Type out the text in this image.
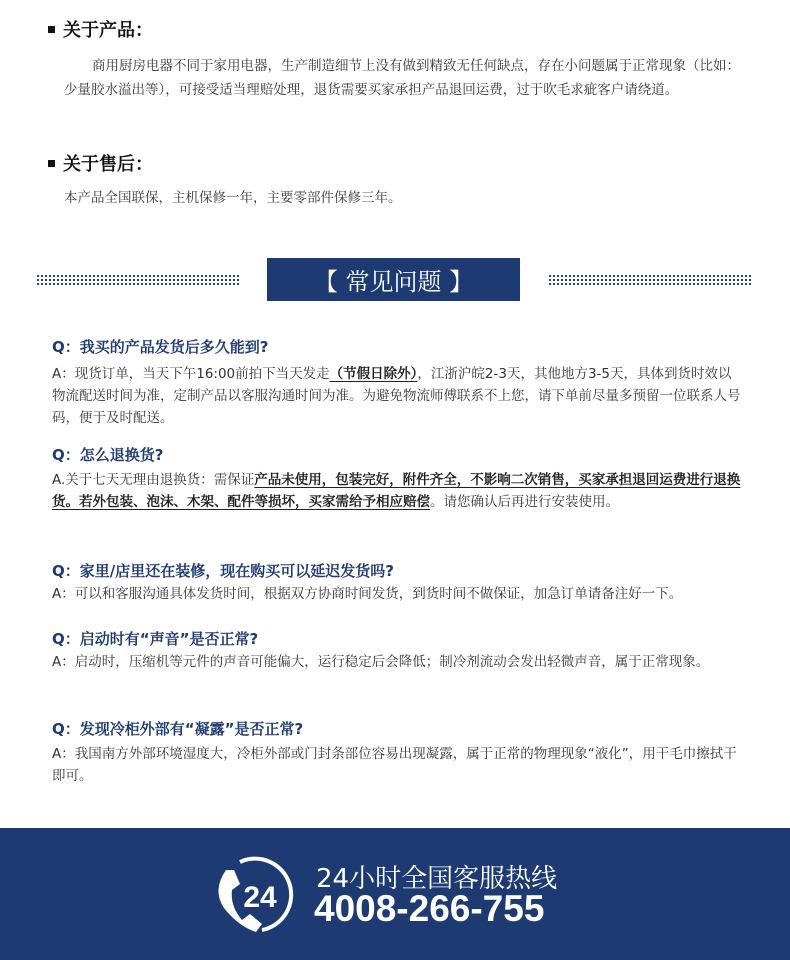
关于产品：
商用厨房电器不同于家用电器，生产制造细节上没有做到精致无任何缺点，存在小问题属于正常现象（比如：少量胶水溢出等），可接受适当理赔处理，退货需要买家承担产品退回运费，过于吹毛求疵客户请绕道。
关于售后：
本产品全国联保，主机保修一年，主要零部件保修三年。
【 常见问题 】
Q：我买的产品发货后多久能到?
A：现货订单，当天下午16:00前拍下当天发走（节假日除外），江浙沪皖2-3天，其他地方3-5天，具体到货时效以物流配送时间为准，定制产品以客服沟通时间为准。为避免物流师傅联系不上您，请下单前尽量多预留一位联系人号码，便于及时配送。
Q：怎么退换货?
A.关于七天无理由退换货：需保证产品未使用，包装完好，附件齐全，不影响二次销售，买家承担退回运费进行退换货。若外包装、泡沫、木架、配件等损坏，买家需给予相应赔偿。请您确认后再进行安装使用。
Q：家里/店里还在装修，现在购买可以延迟发货吗?
A：可以和客服沟通具体发货时间，根据双方协商时间发货，到货时间不做保证，加急订单请备注好一下。
Q：启动时有“声音”是否正常?
A：启动时，压缩机等元件的声音可能偏大，运行稳定后会降低；制冷剂流动会发出轻微声音，属于正常现象。
Q：发现冷柜外部有“凝露”是否正常?
A：我国南方外部环境湿度大，冷柜外部或门封条部位容易出现凝露，属于正常的物理现象“液化”，用干毛巾擦拭干即可。
24
24小时全国客服热线
4008-266-755
